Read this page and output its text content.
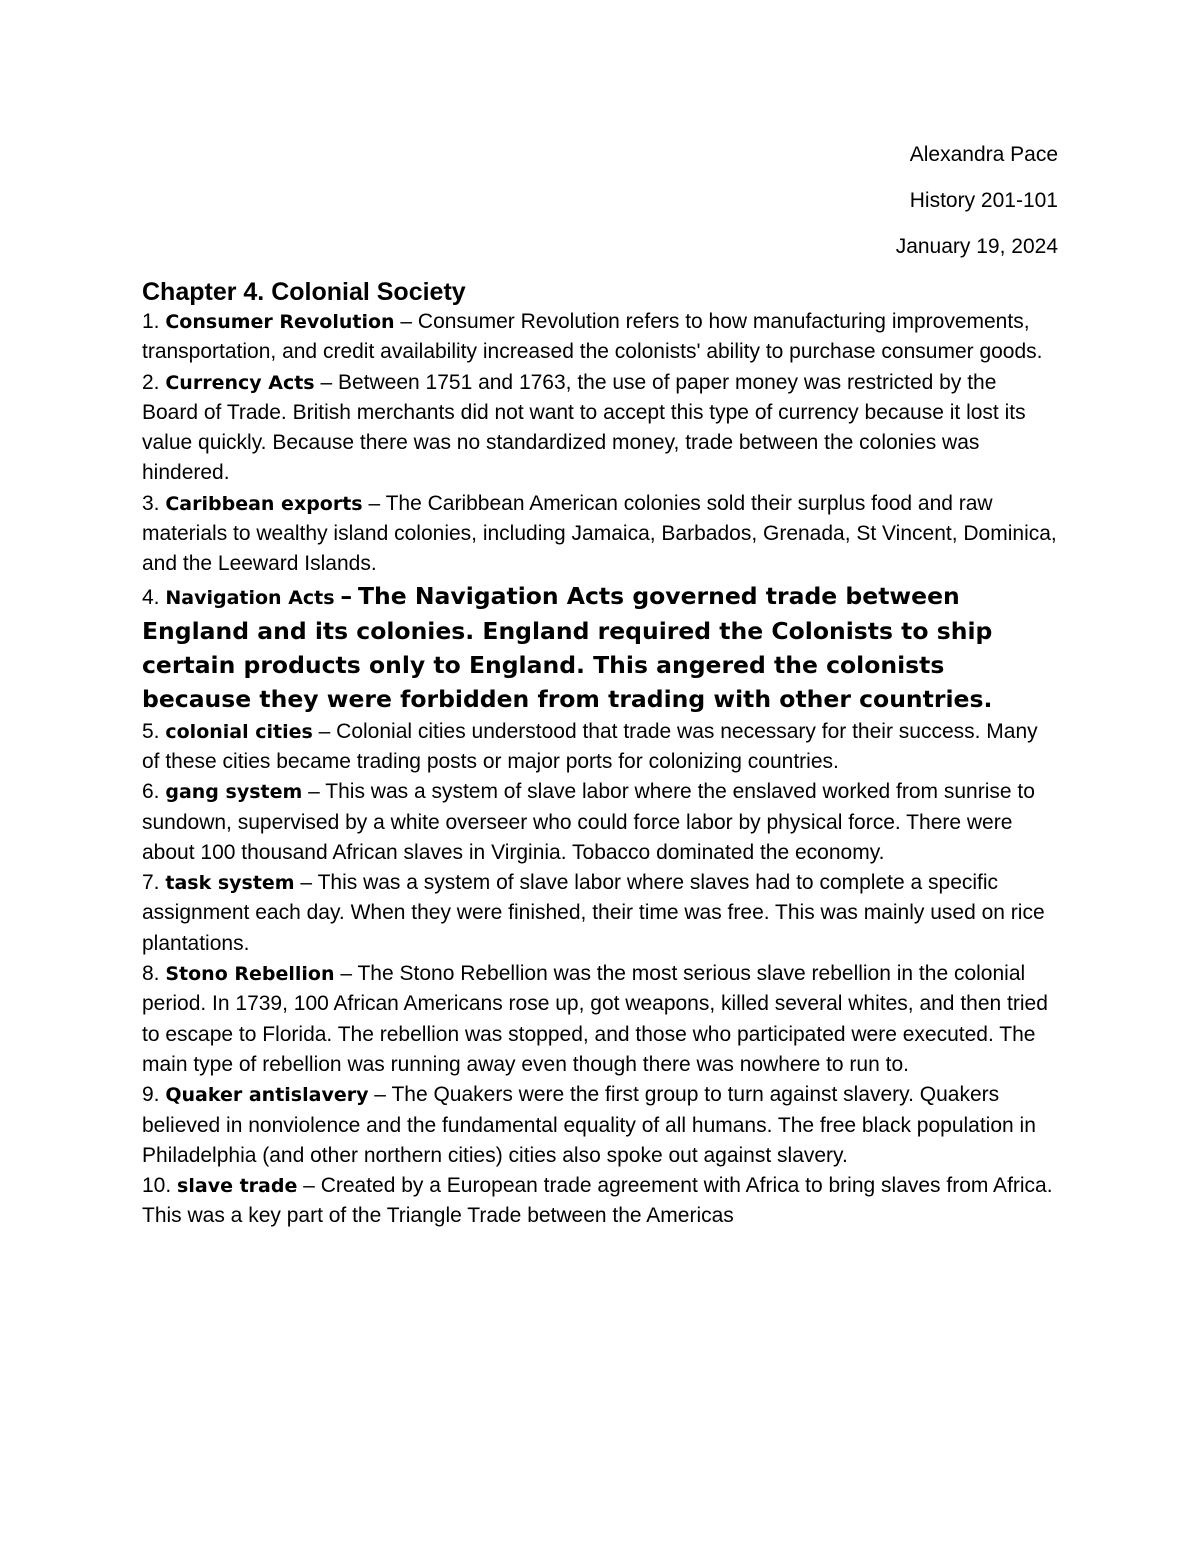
Alexandra Pace
History 201-101
January 19, 2024
Chapter 4. Colonial Society

1. Consumer Revolution – Consumer Revolution refers to how manufacturing improvements, transportation, and credit availability increased the colonists' ability to purchase consumer goods.

2. Currency Acts – Between 1751 and 1763, the use of paper money was restricted by the Board of Trade. British merchants did not want to accept this type of currency because it lost its value quickly. Because there was no standardized money, trade between the colonies was hindered.

3. Caribbean exports – The Caribbean American colonies sold their surplus food and raw materials to wealthy island colonies, including Jamaica, Barbados, Grenada, St Vincent, Dominica, and the Leeward Islands.

4. Navigation Acts – The Navigation Acts governed trade between England and its colonies. England required the Colonists to ship certain products only to England. This angered the colonists because they were forbidden from trading with other countries.

5. colonial cities – Colonial cities understood that trade was necessary for their success. Many of these cities became trading posts or major ports for colonizing countries.

6. gang system – This was a system of slave labor where the enslaved worked from sunrise to sundown, supervised by a white overseer who could force labor by physical force. There were about 100 thousand African slaves in Virginia. Tobacco dominated the economy.

7. task system – This was a system of slave labor where slaves had to complete a specific assignment each day. When they were finished, their time was free. This was mainly used on rice plantations.

8. Stono Rebellion – The Stono Rebellion was the most serious slave rebellion in the colonial period. In 1739, 100 African Americans rose up, got weapons, killed several whites, and then tried to escape to Florida. The rebellion was stopped, and those who participated were executed. The main type of rebellion was running away even though there was nowhere to run to.

9. Quaker antislavery – The Quakers were the first group to turn against slavery. Quakers believed in nonviolence and the fundamental equality of all humans. The free black population in Philadelphia (and other northern cities) cities also spoke out against slavery.

10. slave trade – Created by a European trade agreement with Africa to bring slaves from Africa. This was a key part of the Triangle Trade between the Americas
